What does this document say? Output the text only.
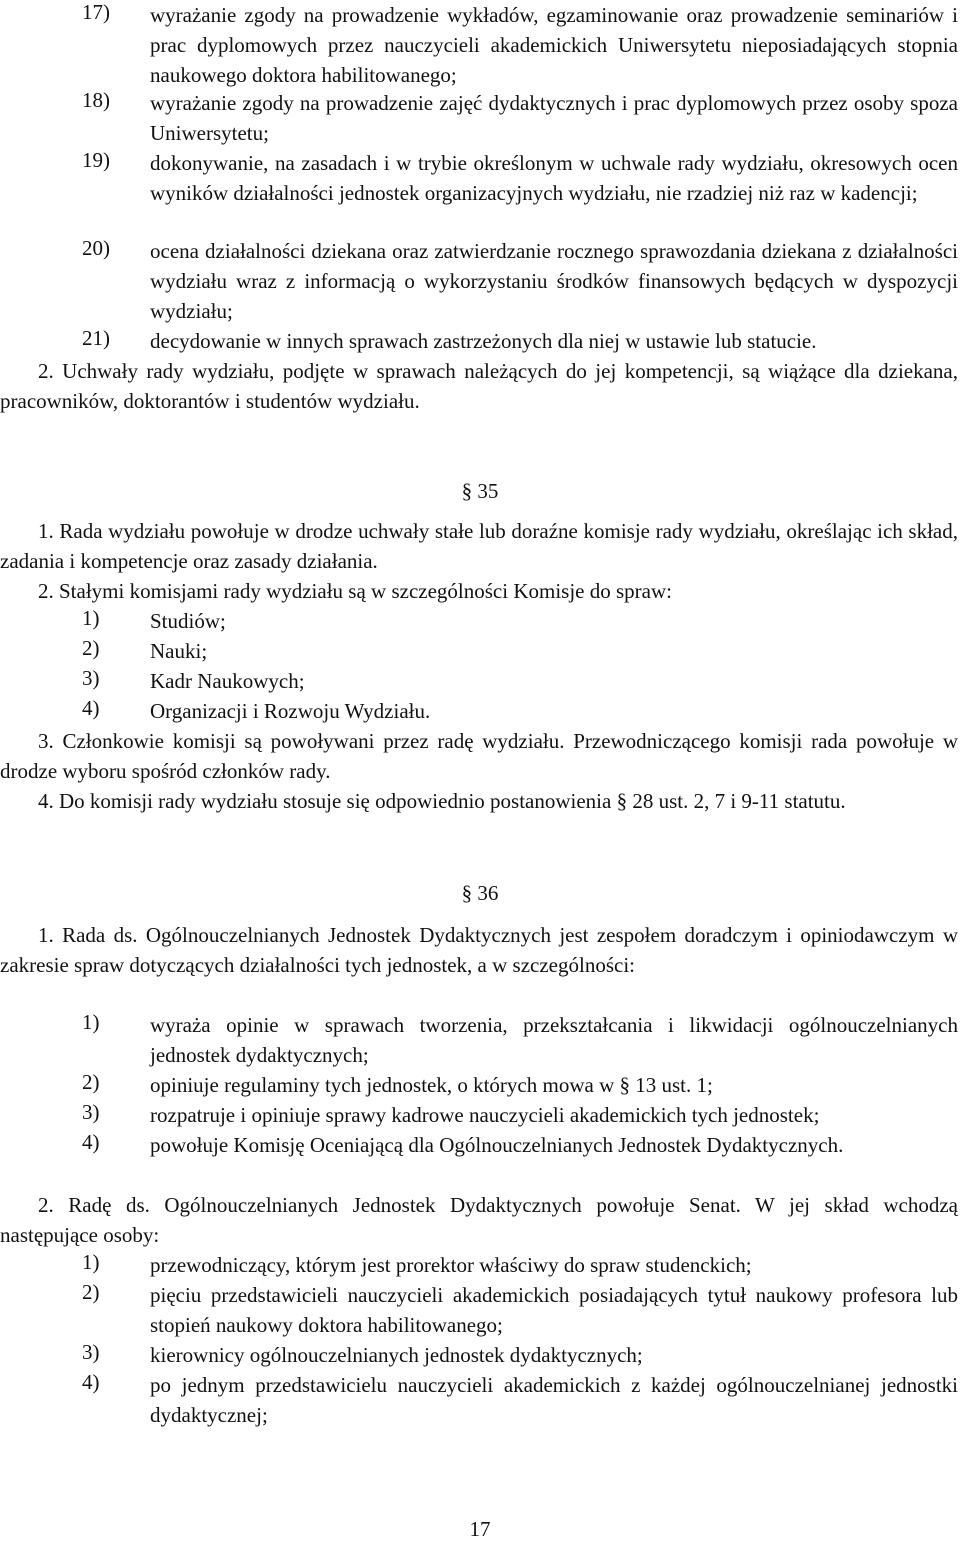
17)	wyrażanie zgody na prowadzenie wykładów, egzaminowanie oraz prowadzenie seminariów i prac dyplomowych przez nauczycieli akademickich Uniwersytetu nieposiadających stopnia naukowego doktora habilitowanego;
18)	wyrażanie zgody na prowadzenie zajęć dydaktycznych i prac dyplomowych przez osoby spoza Uniwersytetu;
19)	dokonywanie, na zasadach i w trybie określonym w uchwale rady wydziału, okresowych ocen wyników działalności jednostek organizacyjnych wydziału, nie rzadziej niż raz w kadencji;
20)	ocena działalności dziekana oraz zatwierdzanie rocznego sprawozdania dziekana z działalności wydziału wraz z informacją o wykorzystaniu środków finansowych będących w dyspozycji wydziału;
21)	decydowanie w innych sprawach zastrzeżonych dla niej w ustawie lub statucie.
2. Uchwały rady wydziału, podjęte w sprawach należących do jej kompetencji, są wiążące dla dziekana, pracowników, doktorantów i studentów wydziału.
§ 35
1. Rada wydziału powołuje w drodze uchwały stałe lub doraźne komisje rady wydziału, określając ich skład, zadania i kompetencje oraz zasady działania.
2. Stałymi komisjami rady wydziału są w szczególności Komisje do spraw:
1)	Studiów;
2)	Nauki;
3)	Kadr Naukowych;
4)	Organizacji i Rozwoju Wydziału.
3. Członkowie komisji są powoływani przez radę wydziału. Przewodniczącego komisji rada powołuje w drodze wyboru spośród członków rady.
4. Do komisji rady wydziału stosuje się odpowiednio postanowienia § 28 ust. 2, 7 i 9-11 statutu.
§ 36
1. Rada ds. Ogólnouczelnianych Jednostek Dydaktycznych jest zespołem doradczym i opiniodawczym w zakresie spraw dotyczących działalności tych jednostek, a w szczególności:
1)	wyraża opinie w sprawach tworzenia, przekształcania i likwidacji ogólnouczelnianych jednostek dydaktycznych;
2)	opiniuje regulaminy tych jednostek, o których mowa w § 13 ust. 1;
3)	rozpatruje i opiniuje sprawy kadrowe nauczycieli akademickich tych jednostek;
4)	powołuje Komisję Oceniającą dla Ogólnouczelnianych Jednostek Dydaktycznych.
2. Radę ds. Ogólnouczelnianych Jednostek Dydaktycznych powołuje Senat. W jej skład wchodzą następujące osoby:
1)	przewodniczący, którym jest prorektor właściwy do spraw studenckich;
2)	pięciu przedstawicieli nauczycieli akademickich posiadających tytuł naukowy profesora lub stopień naukowy doktora habilitowanego;
3)	kierownicy ogólnouczelnianych jednostek dydaktycznych;
4)	po jednym przedstawicielu nauczycieli akademickich z każdej ogólnouczelnianej jednostki dydaktycznej;
17
